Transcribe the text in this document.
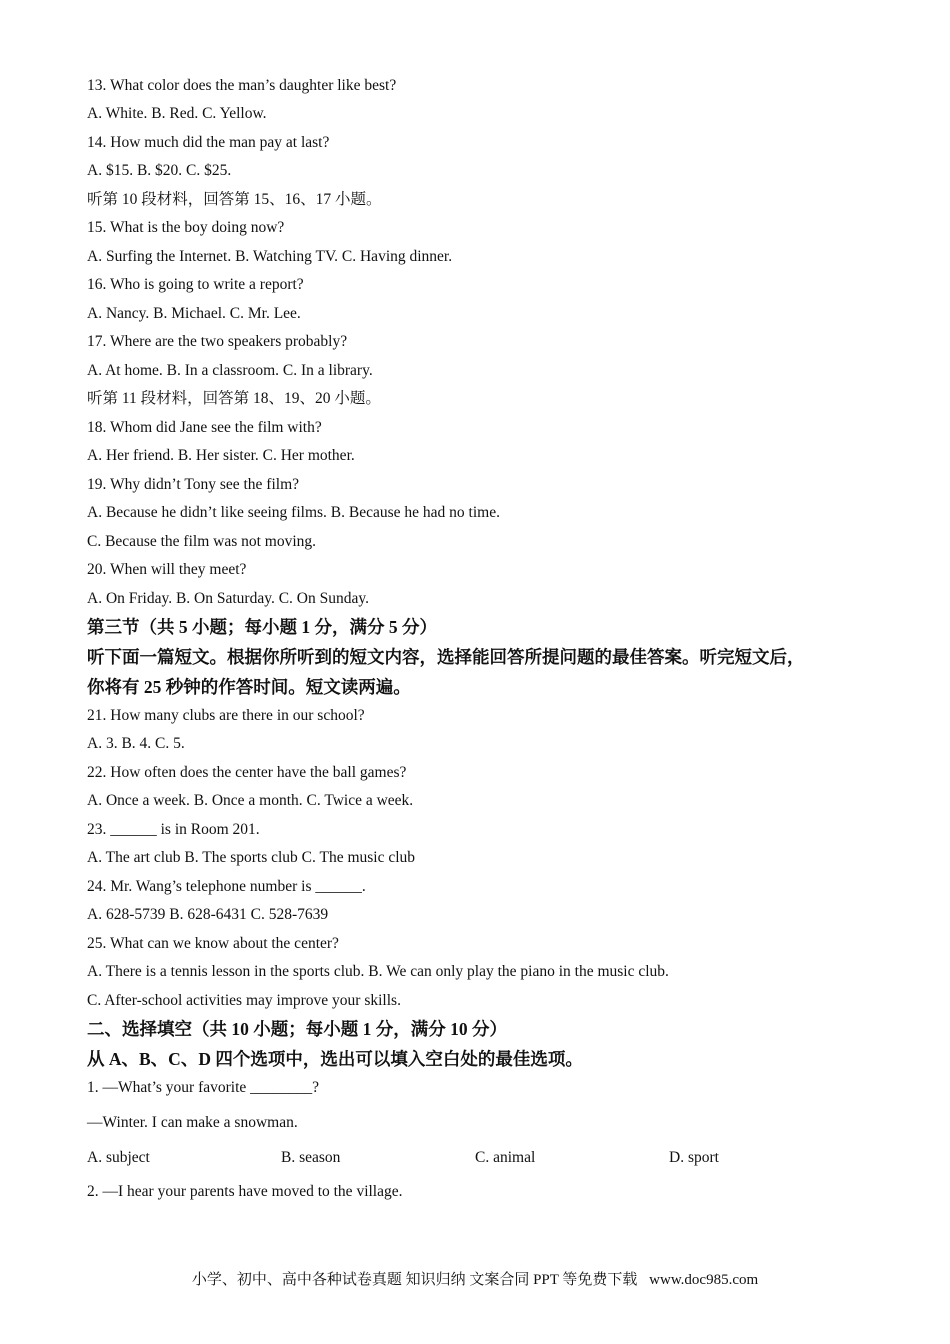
13. What color does the man’s daughter like best?
A. White. B. Red. C. Yellow.
14. How much did the man pay at last?
A. $15. B. $20. C. $25.
听第 10 段材料，回答第 15、16、17 小题。
15. What is the boy doing now?
A. Surfing the Internet. B. Watching TV. C. Having dinner.
16. Who is going to write a report?
A. Nancy. B. Michael. C. Mr. Lee.
17. Where are the two speakers probably?
A. At home. B. In a classroom. C. In a library.
听第 11 段材料，回答第 18、19、20 小题。
18. Whom did Jane see the film with?
A. Her friend. B. Her sister. C. Her mother.
19. Why didn’t Tony see the film?
A. Because he didn’t like seeing films. B. Because he had no time.
C. Because the film was not moving.
20. When will they meet?
A. On Friday. B. On Saturday. C. On Sunday.
第三节（共 5 小题；每小题 1 分，满分 5 分）
听下面一篇短文。根据你所听到的短文内容，选择能回答所提问题的最佳答案。听完短文后，
你将有 25 秒钟的作答时间。短文读两遍。
21. How many clubs are there in our school?
A. 3. B. 4. C. 5.
22. How often does the center have the ball games?
A. Once a week. B. Once a month. C. Twice a week.
23. ______ is in Room 201.
A. The art club B. The sports club C. The music club
24. Mr. Wang’s telephone number is ______.
A. 628-5739 B. 628-6431 C. 528-7639
25. What can we know about the center?
A. There is a tennis lesson in the sports club. B. We can only play the piano in the music club.
C. After-school activities may improve your skills.
二、选择填空（共 10 小题；每小题 1 分，满分 10 分）
从 A、B、C、D 四个选项中，选出可以填入空白处的最佳选项。
1. —What’s your favorite ________?
—Winter. I can make a snowman.
A. subject	B. season	C. animal	D. sport
2. —I hear your parents have moved to the village.
小学、初中、高中各种试卷真题 知识归纳 文案合同 PPT 等免费下载 www.doc985.com
